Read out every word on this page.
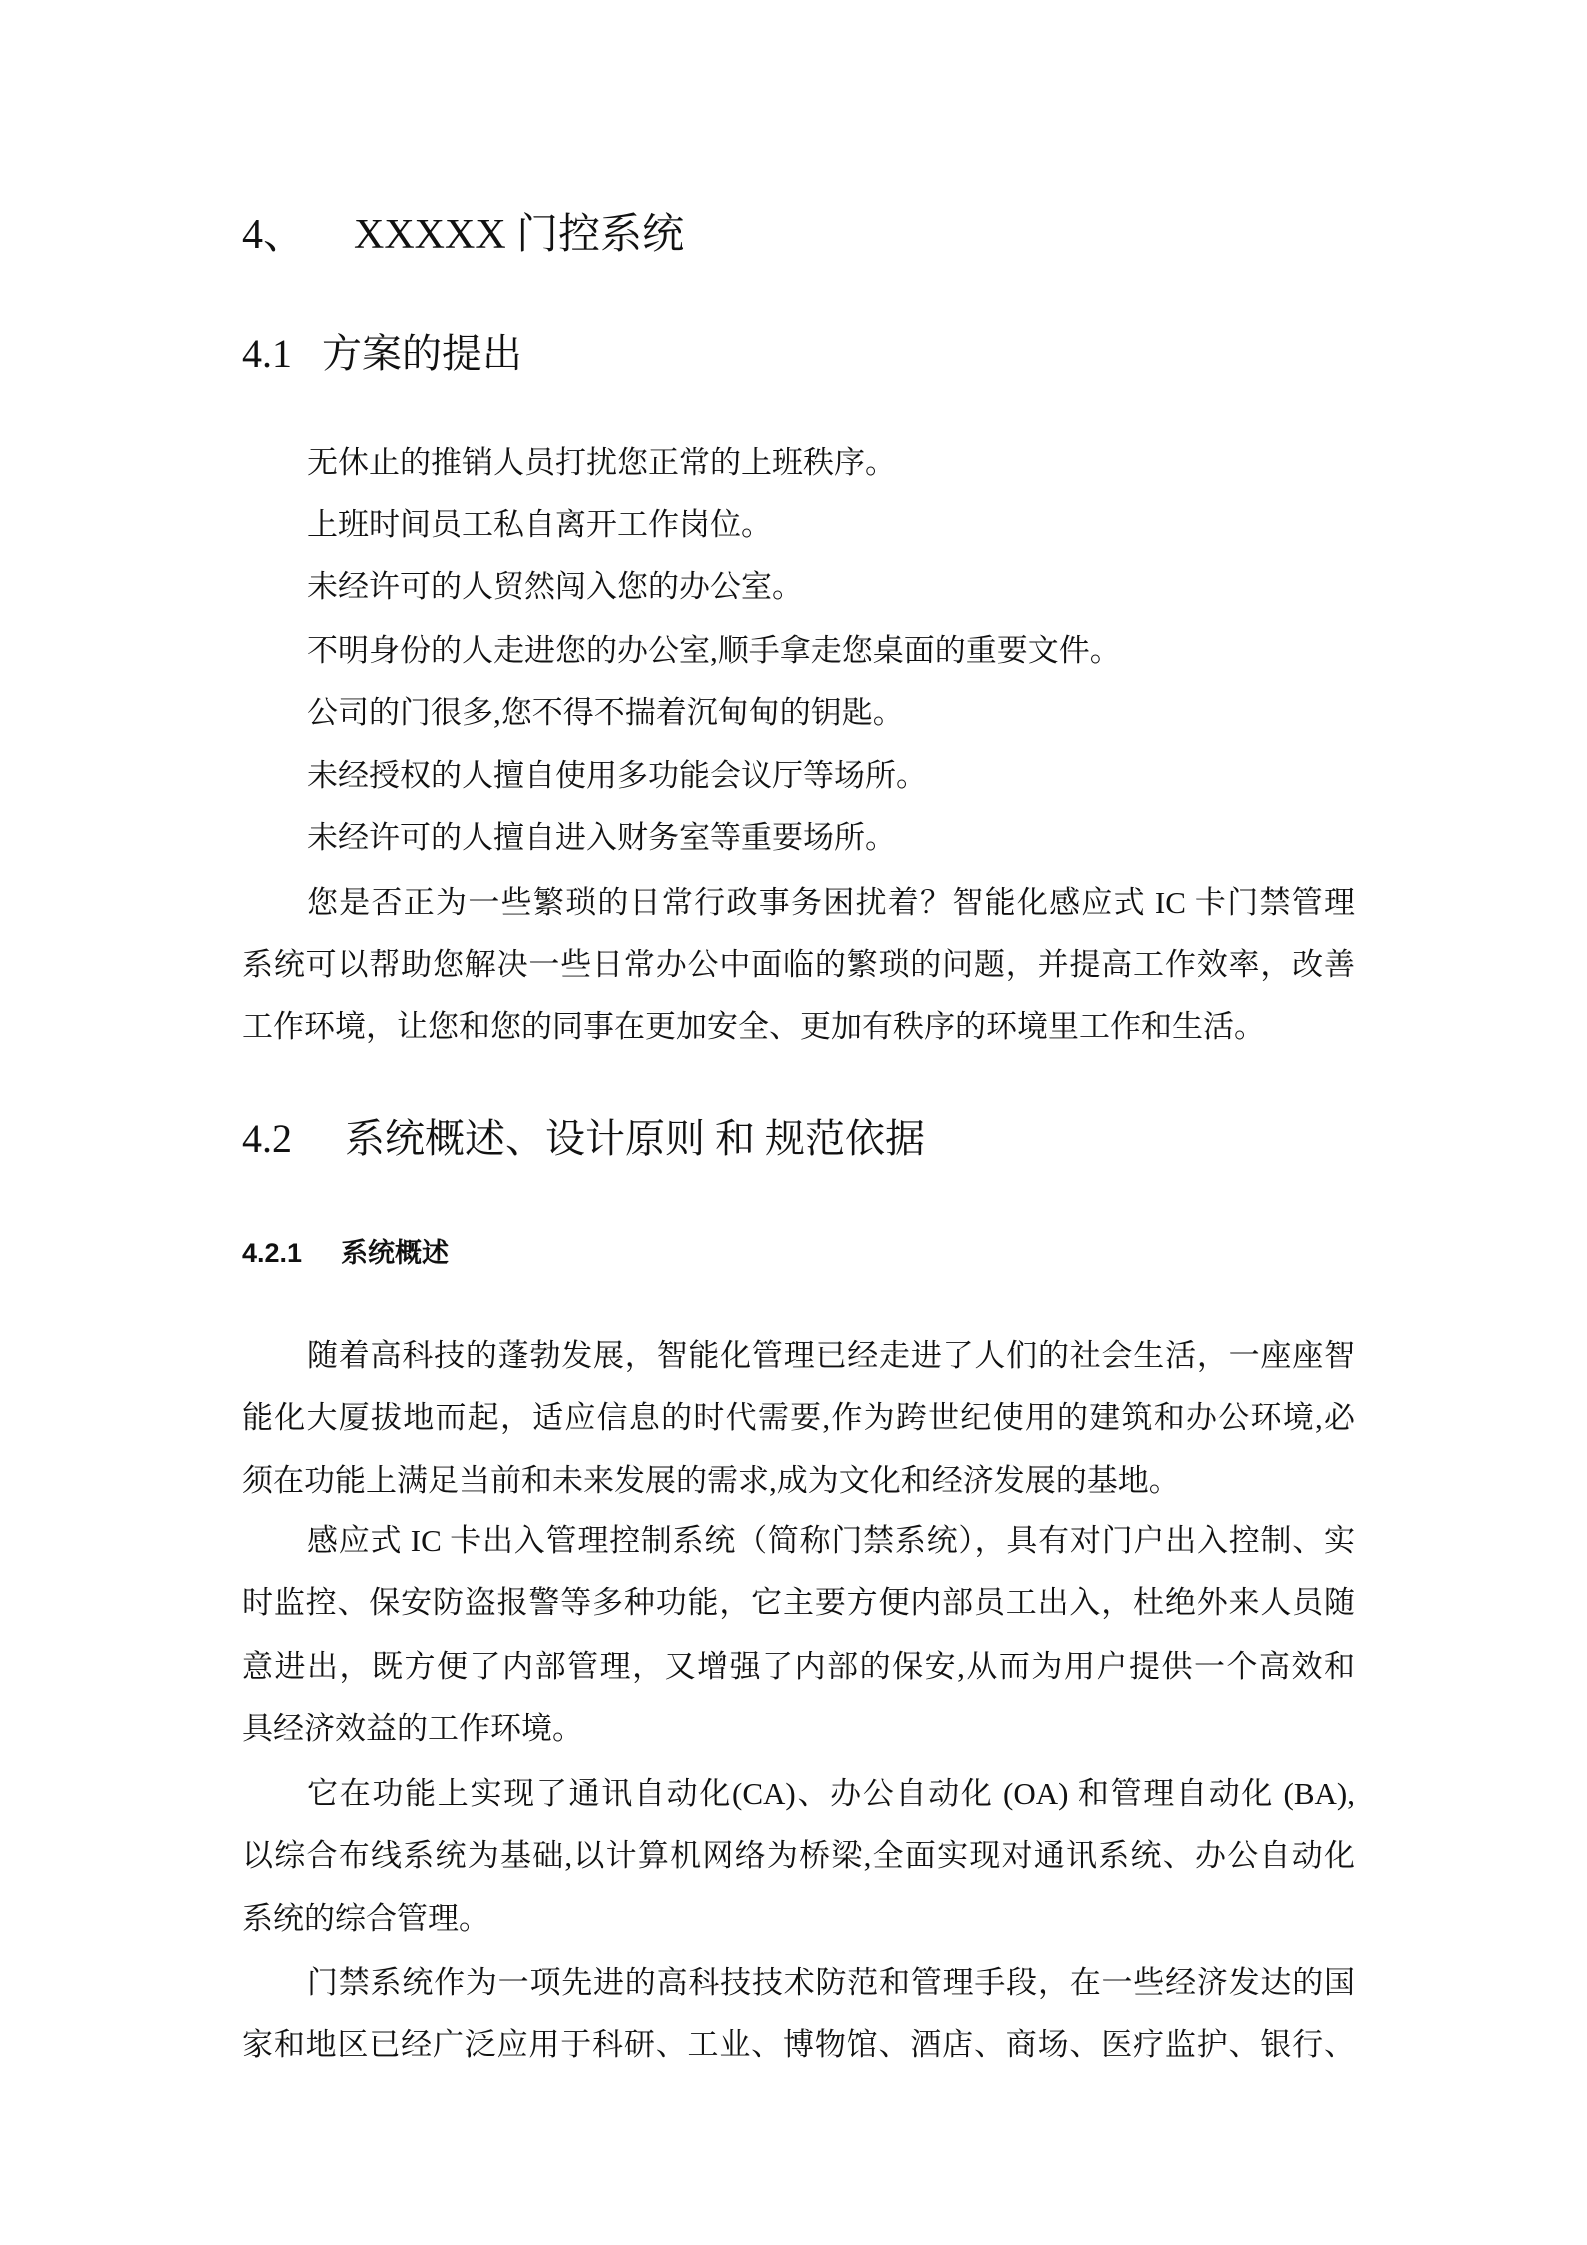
4、 XXXXX 门控系统
4.1 方案的提出
无休止的推销人员打扰您正常的上班秩序。
上班时间员工私自离开工作岗位。
未经许可的人贸然闯入您的办公室。
不明身份的人走进您的办公室,顺手拿走您桌面的重要文件。
公司的门很多,您不得不揣着沉甸甸的钥匙。
未经授权的人擅自使用多功能会议厅等场所。
未经许可的人擅自进入财务室等重要场所。
您是否正为一些繁琐的日常行政事务困扰着？智能化感应式 IC 卡门禁管理
系统可以帮助您解决一些日常办公中面临的繁琐的问题，并提高工作效率，改善
工作环境，让您和您的同事在更加安全、更加有秩序的环境里工作和生活。
4.2 系统概述、设计原则 和 规范依据
4.2.1 系统概述
随着高科技的蓬勃发展，智能化管理已经走进了人们的社会生活，一座座智
能化大厦拔地而起，适应信息的时代需要,作为跨世纪使用的建筑和办公环境,必
须在功能上满足当前和未来发展的需求,成为文化和经济发展的基地。
感应式 IC 卡出入管理控制系统（简称门禁系统），具有对门户出入控制、实
时监控、保安防盗报警等多种功能，它主要方便内部员工出入，杜绝外来人员随
意进出，既方便了内部管理，又增强了内部的保安,从而为用户提供一个高效和
具经济效益的工作环境。
它在功能上实现了通讯自动化(CA)、办公自动化 (OA) 和管理自动化 (BA),
以综合布线系统为基础,以计算机网络为桥梁,全面实现对通讯系统、办公自动化
系统的综合管理。
门禁系统作为一项先进的高科技技术防范和管理手段，在一些经济发达的国
家和地区已经广泛应用于科研、工业、博物馆、酒店、商场、医疗监护、银行、
